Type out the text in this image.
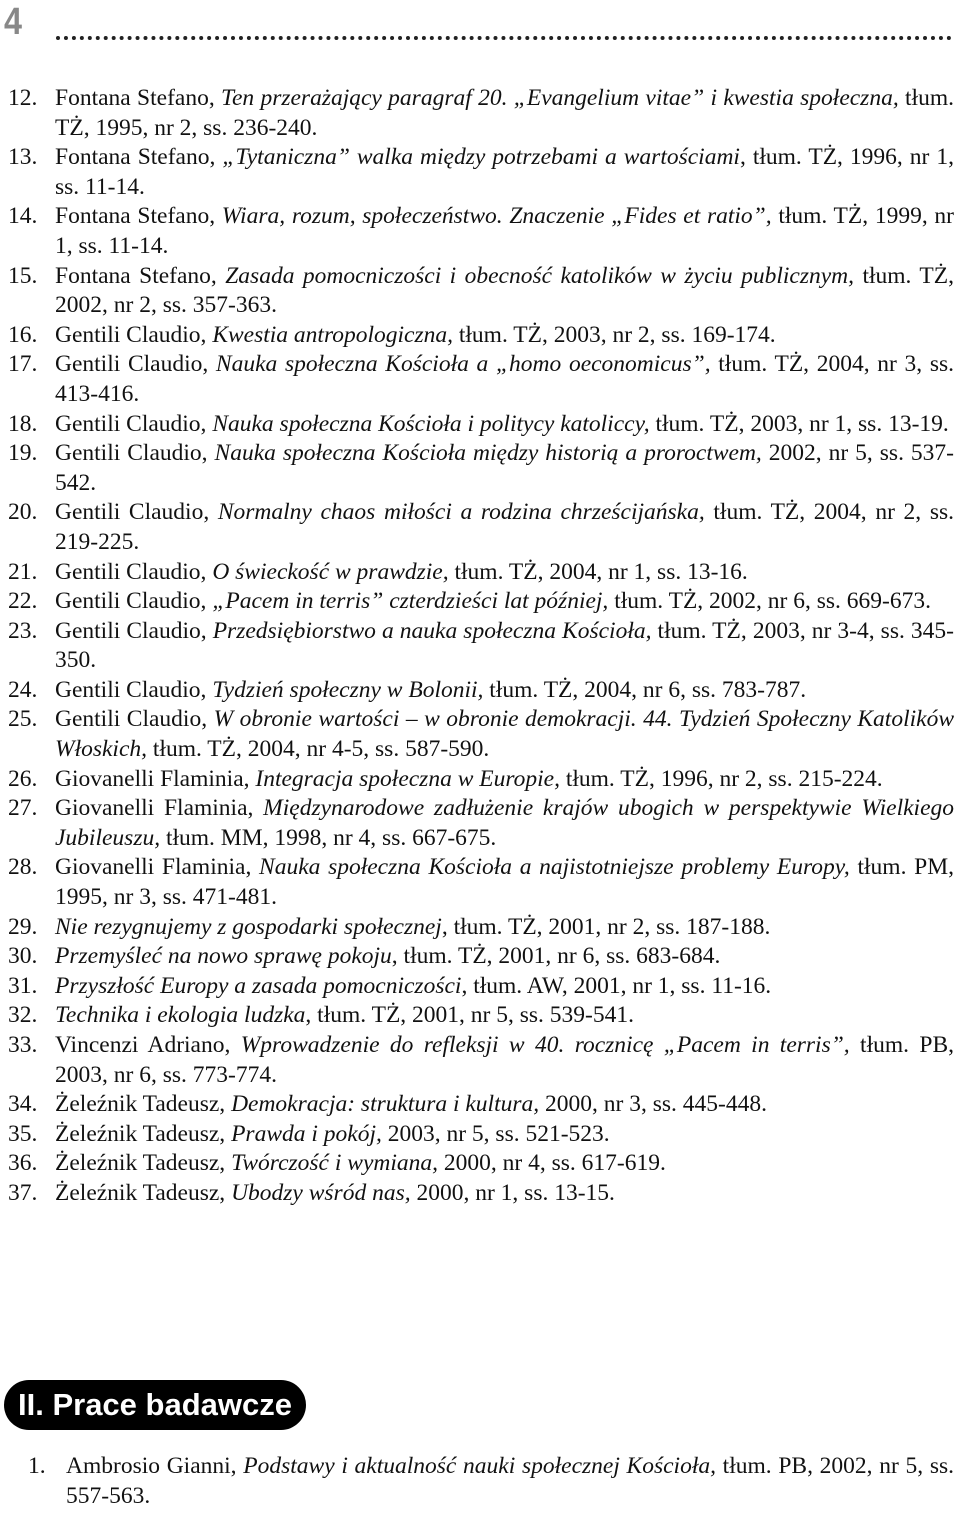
4
12. Fontana Stefano, Ten przerażający paragraf 20. „Evangelium vitae” i kwestia społeczna, tłum. TŻ, 1995, nr 2, ss. 236-240.
13. Fontana Stefano, „Tytaniczna” walka między potrzebami a wartościami, tłum. TŻ, 1996, nr 1, ss. 11-14.
14. Fontana Stefano, Wiara, rozum, społeczeństwo. Znaczenie „Fides et ratio”, tłum. TŻ, 1999, nr 1, ss. 11-14.
15. Fontana Stefano, Zasada pomocniczości i obecność katolików w życiu publicznym, tłum. TŻ, 2002, nr 2, ss. 357-363.
16. Gentili Claudio, Kwestia antropologiczna, tłum. TŻ, 2003, nr 2, ss. 169-174.
17. Gentili Claudio, Nauka społeczna Kościoła a „homo oeconomicus”, tłum. TŻ, 2004, nr 3, ss. 413-416.
18. Gentili Claudio, Nauka społeczna Kościoła i politycy katoliccy, tłum. TŻ, 2003, nr 1, ss. 13-19.
19. Gentili Claudio, Nauka społeczna Kościoła między historią a proroctwem, 2002, nr 5, ss. 537-542.
20. Gentili Claudio, Normalny chaos miłości a rodzina chrześcijańska, tłum. TŻ, 2004, nr 2, ss. 219-225.
21. Gentili Claudio, O świeckość w prawdzie, tłum. TŻ, 2004, nr 1, ss. 13-16.
22. Gentili Claudio, „Pacem in terris” czterdzieści lat później, tłum. TŻ, 2002, nr 6, ss. 669-673.
23. Gentili Claudio, Przedsiębiorstwo a nauka społeczna Kościoła, tłum. TŻ, 2003, nr 3-4, ss. 345-350.
24. Gentili Claudio, Tydzień społeczny w Bolonii, tłum. TŻ, 2004, nr 6, ss. 783-787.
25. Gentili Claudio, W obronie wartości – w obronie demokracji. 44. Tydzień Społeczny Katolików Włoskich, tłum. TŻ, 2004, nr 4-5, ss. 587-590.
26. Giovanelli Flaminia, Integracja społeczna w Europie, tłum. TŻ, 1996, nr 2, ss. 215-224.
27. Giovanelli Flaminia, Międzynarodowe zadłużenie krajów ubogich w perspektywie Wielkiego Jubileuszu, tłum. MM, 1998, nr 4, ss. 667-675.
28. Giovanelli Flaminia, Nauka społeczna Kościoła a najistotniejsze problemy Europy, tłum. PM, 1995, nr 3, ss. 471-481.
29. Nie rezygnujemy z gospodarki społecznej, tłum. TŻ, 2001, nr 2, ss. 187-188.
30. Przemyśleć na nowo sprawę pokoju, tłum. TŻ, 2001, nr 6, ss. 683-684.
31. Przyszłość Europy a zasada pomocniczości, tłum. AW, 2001, nr 1, ss. 11-16.
32. Technika i ekologia ludzka, tłum. TŻ, 2001, nr 5, ss. 539-541.
33. Vincenzi Adriano, Wprowadzenie do refleksji w 40. rocznicę „Pacem in terris”, tłum. PB, 2003, nr 6, ss. 773-774.
34. Żeleźnik Tadeusz, Demokracja: struktura i kultura, 2000, nr 3, ss. 445-448.
35. Żeleźnik Tadeusz, Prawda i pokój, 2003, nr 5, ss. 521-523.
36. Żeleźnik Tadeusz, Twórczość i wymiana, 2000, nr 4, ss. 617-619.
37. Żeleźnik Tadeusz, Ubodzy wśród nas, 2000, nr 1, ss. 13-15.
II. Prace badawcze
1. Ambrosio Gianni, Podstawy i aktualność nauki społecznej Kościoła, tłum. PB, 2002, nr 5, ss. 557-563.
